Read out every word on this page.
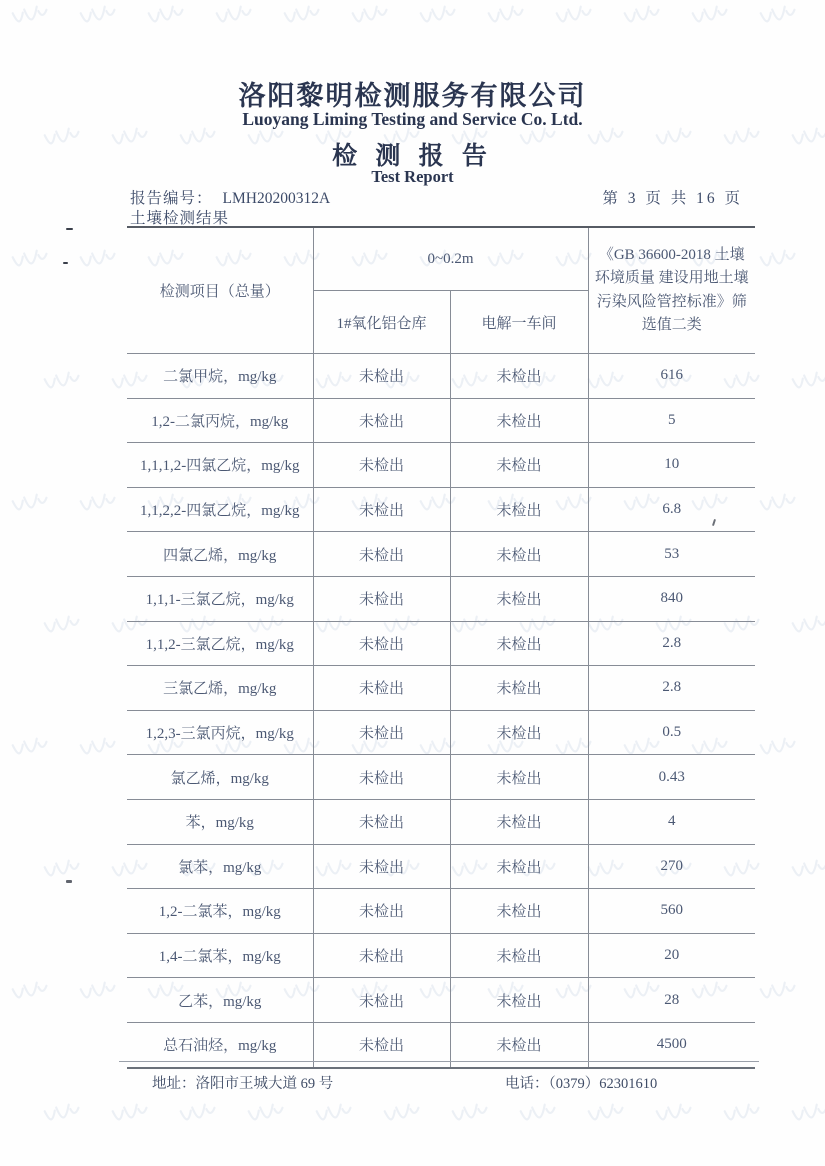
洛阳黎明检测服务有限公司
Luoyang Liming Testing and Service Co. Ltd.
检 测 报 告
Test Report
报告编号： LMH20200312A	第 3 页 共 16 页
土壤检测结果
检测项目（总量）	0~0.2m		《GB 36600-2018 土壤环境质量 建设用地土壤污染风险管控标准》筛选值二类
	1#氧化铝仓库	电解一车间	
二氯甲烷，mg/kg	未检出	未检出	616
1,2-二氯丙烷，mg/kg	未检出	未检出	5
1,1,1,2-四氯乙烷，mg/kg	未检出	未检出	10
1,1,2,2-四氯乙烷，mg/kg	未检出	未检出	6.8
四氯乙烯，mg/kg	未检出	未检出	53
1,1,1-三氯乙烷，mg/kg	未检出	未检出	840
1,1,2-三氯乙烷，mg/kg	未检出	未检出	2.8
三氯乙烯，mg/kg	未检出	未检出	2.8
1,2,3-三氯丙烷，mg/kg	未检出	未检出	0.5
氯乙烯，mg/kg	未检出	未检出	0.43
苯，mg/kg	未检出	未检出	4
氯苯，mg/kg	未检出	未检出	270
1,2-二氯苯，mg/kg	未检出	未检出	560
1,4-二氯苯，mg/kg	未检出	未检出	20
乙苯，mg/kg	未检出	未检出	28
总石油烃，mg/kg	未检出	未检出	4500
地址：洛阳市王城大道 69 号	电话：（0379）62301610
